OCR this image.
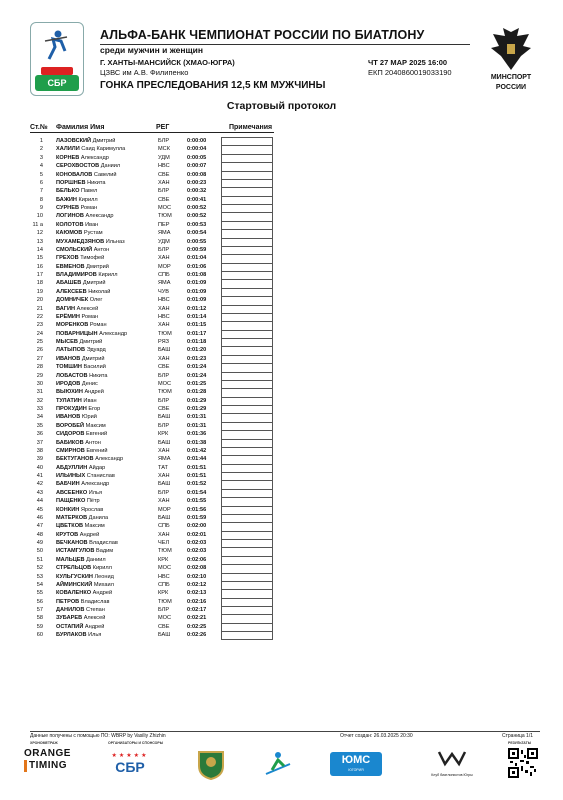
СБР
АЛЬФА-БАНК ЧЕМПИОНАТ РОССИИ ПО БИАТЛОНУ
среди мужчин и женщин
Г. ХАНТЫ-МАНСИЙСК (ХМАО-ЮГРА)	ЧТ 27 МАР 2025 16:00
ЦЗВС им А.В. Филипенко	ЕКП 2040860019033190
ГОНКА ПРЕСЛЕДОВАНИЯ 12,5 КМ МУЖЧИНЫ
МИНСПОРТ
РОССИИ
Стартовый протокол
Ст.№ Фамилия Имя	РЕГ	Примечания
1 ЛАЗОВСКИЙ Дмитрий	БЛР	0:00:00
2 ХАЛИЛИ Саид Каримулла	МСК	0:00:04
3 КОРНЕВ Александр	УДМ	0:00:05
4 СЕРОХВОСТОВ Даниил	НВС	0:00:07
5 КОНОВАЛОВ Савелий	СВЕ	0:00:08
6 ПОРШНЕВ Никита	ХАН	0:00:23
7 БЕЛЬКО Павел	БЛР	0:00:32
8 БАЖИН Кирилл	СВЕ	0:00:41
9 СУРНЕВ Роман	МОС	0:00:52
10 ЛОГИНОВ Александр	ТЮМ	0:00:52
11 a КОЛОТОВ Иван	ПЕР	0:00:53
12 КАЮМОВ Рустам	ЯМА	0:00:54
13 МУХАМЕДЗЯНОВ Ильназ	УДМ	0:00:55
14 СМОЛЬСКИЙ Антон	БЛР	0:00:59
15 ГРЕХОВ Тимофей	ХАН	0:01:04
16 ЕВМЕНОВ Дмитрий	МОР	0:01:06
17 ВЛАДИМИРОВ Кирилл	СПБ	0:01:08
18 АБАШЕВ Дмитрий	ЯМА	0:01:09
19 АЛЕКСЕЕВ Николай	ЧУВ	0:01:09
20 ДОМНИЧЕК Олег	НВС	0:01:09
21 ВАГИН Алексей	ХАН	0:01:12
22 ЕРЁМИН Роман	НВС	0:01:14
23 МОРЕНКОВ Роман	ХАН	0:01:15
24 ПОВАРНИЦЫН Александр	ТЮМ	0:01:17
25 МЫСЕВ Дмитрий	РЯЗ	0:01:18
26 ЛАТЫПОВ Эдуард	БАШ	0:01:20
27 ИВАНОВ Дмитрий	ХАН	0:01:23
28 ТОМШИН Василий	СВЕ	0:01:24
29 ЛОБАСТОВ Никита	БЛР	0:01:24
30 ИРОДОВ Денис	МОС	0:01:25
31 ВЫЮХИН Андрей	ТЮМ	0:01:28
32 ТУЛАТИН Иван	БЛР	0:01:29
33 ПРОКУДИН Егор	СВЕ	0:01:29
34 ИВАНОВ Юрий	БАШ	0:01:31
35 ВОРОБЕЙ Максим	БЛР	0:01:31
36 СИДОРОВ Евгений	КРК	0:01:36
37 БАБИКОВ Антон	БАШ	0:01:38
38 СМИРНОВ Евгений	ХАН	0:01:42
39 БЕКТУГАНОВ Александр	ЯМА	0:01:44
40 АБДУЛЛИН Айдар	ТАТ	0:01:51
41 ИЛЬИНЫХ Станислав	ХАН	0:01:51
42 БАБЧИН Александр	БАШ	0:01:52
43 АВСЕЕНКО Илья	БЛР	0:01:54
44 ПАЩЕНКО Пётр	ХАН	0:01:55
45 КОНКИН Ярослав	МОР	0:01:56
46 МАТЕРКОВ Данила	БАШ	0:01:59
47 ЦВЕТКОВ Максим	СПБ	0:02:00
48 КРУТОВ Андрей	ХАН	0:02:01
49 ВЕЧКАНОВ Владислав	ЧЕЛ	0:02:03
50 ИСТАМГУЛОВ Вадим	ТЮМ	0:02:03
51 МАЛЬЦЕВ Даниил	КРК	0:02:06
52 СТРЕЛЬЦОВ Кирилл	МОС	0:02:08
53 КУЛЬГУСКИН Леонид	НВС	0:02:10
54 АЙМИНСКИЙ Михаил	СПБ	0:02:12
55 КОВАЛЕНКО Андрей	КРК	0:02:13
56 ПЕТРОВ Владислав	ТЮМ	0:02:16
57 ДАНИЛОВ Степан	БЛР	0:02:17
58 ЗУБАРЕВ Алексей	МОС	0:02:21
59 ОСТАПИЙ Андрей	СВЕ	0:02:25
60 БУРЛАКОВ Илья	БАШ	0:02:26
Данные получены с помощью ПО: WBRP by Vasiliy Zhizhin	Отчет создан: 26.03.2025 20:30	Страница 1/1
ХРОНОМЕТРАЖ	ОРГАНИЗАТОРЫ И СПОНСОРЫ	РЕЗУЛЬТАТЫ
ORANGE
TIMING
★★★★★
СБР	ЮМС
ЮГОРИЯ
Клуб биатлонистов Югры
